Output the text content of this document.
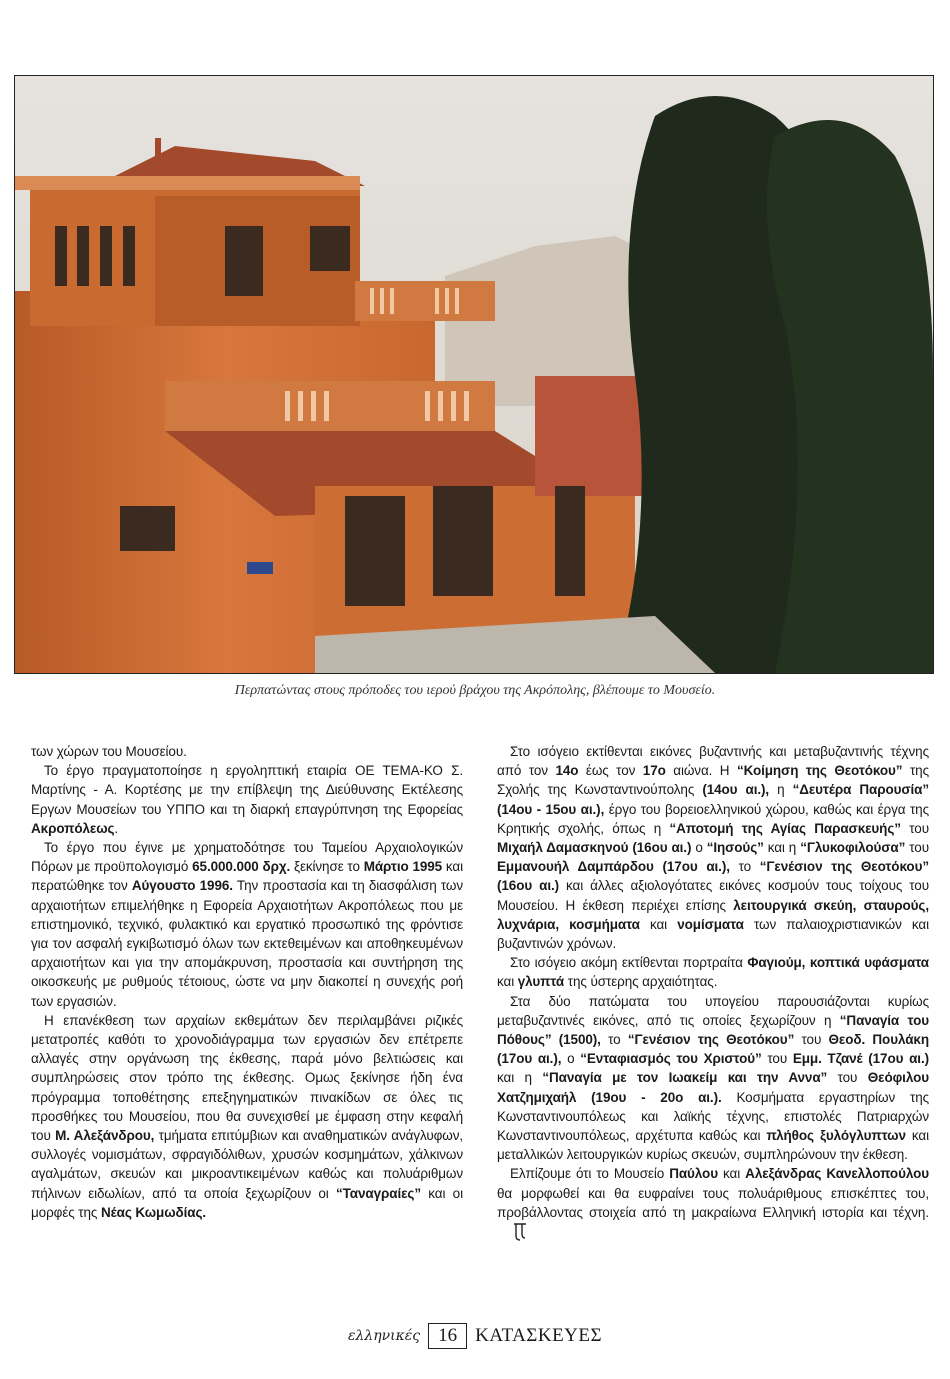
Περπατώντας στους πρόποδες του ιερού βράχου της Ακρόπολης, βλέπουμε το Μουσείο.

των χώρων του Μουσείου.

Το έργο πραγματοποίησε η εργοληπτική εταιρία ΟΕ ΤΕΜΑ-ΚΟ Σ. Μαρτίνης - Α. Κορτέσης με την επίβλεψη της Διεύθυνσης Εκτέλεσης Εργων Μουσείων του ΥΠΠΟ και τη διαρκή επαγρύπνηση της Εφορείας Ακροπόλεως.

Το έργο που έγινε με χρηματοδότησε του Ταμείου Αρχαιολογικών Πόρων με προϋπολογισμό 65.000.000 δρχ. ξεκίνησε το Μάρτιο 1995 και περατώθηκε τον Αύγουστο 1996. Την προστασία και τη διασφάλιση των αρχαιοτήτων επιμελήθηκε η Εφορεία Αρχαιοτήτων Ακροπόλεως που με επιστημονικό, τεχνικό, φυλακτικό και εργατικό προσωπικό της φρόντισε για τον ασφαλή εγκιβωτισμό όλων των εκτεθειμένων και αποθηκευμένων αρχαιοτήτων και για την απομάκρυνση, προστασία και συντήρηση της οικοσκευής με ρυθμούς τέτοιους, ώστε να μην διακοπεί η συνεχής ροή των εργασιών.

Η επανέκθεση των αρχαίων εκθεμάτων δεν περιλαμβάνει ριζικές μετατροπές καθότι το χρονοδιάγραμμα των εργασιών δεν επέτρεπε αλλαγές στην οργάνωση της έκθεσης, παρά μόνο βελτιώσεις και συμπληρώσεις στον τρόπο της έκθεσης. Ομως ξεκίνησε ήδη ένα πρόγραμμα τοποθέτησης επεξηγηματικών πινακίδων σε όλες τις προσθήκες του Μουσείου, που θα συνεχισθεί με έμφαση στην κεφαλή του Μ. Αλεξάνδρου, τμήματα επιτύμβιων και αναθηματικών ανάγλυφων, συλλογές νομισμάτων, σφραγιδόλιθων, χρυσών κοσμημάτων, χάλκινων αγαλμάτων, σκευών και μικροαντικειμένων καθώς και πολυάριθμων πήλινων ειδωλίων, από τα οποία ξεχωρίζουν οι “Ταναγραίες” και οι μορφές της Νέας Κωμωδίας.

Στο ισόγειο εκτίθενται εικόνες βυζαντινής και μεταβυζαντινής τέχνης από τον 14ο έως τον 17ο αιώνα. Η “Κοίμηση της Θεοτόκου” της Σχολής της Κωνσταντινούπολης (14ου αι.), η “Δευτέρα Παρουσία” (14ου - 15ου αι.), έργο του βορειοελληνικού χώρου, καθώς και έργα της Κρητικής σχολής, όπως η “Αποτομή της Αγίας Παρασκευής” του Μιχαήλ Δαμασκηνού (16ου αι.) ο “Ιησούς” και η “Γλυκοφιλούσα” του Εμμανουήλ Δαμπάρδου (17ου αι.), το “Γενέσιον της Θεοτόκου” (16ου αι.) και άλλες αξιολογότατες εικόνες κοσμούν τους τοίχους του Μουσείου. Η έκθεση περιέχει επίσης λειτουργικά σκεύη, σταυρούς, λυχνάρια, κοσμήματα και νομίσματα των παλαιοχριστιανικών και βυζαντινών χρόνων.

Στο ισόγειο ακόμη εκτίθενται πορτραίτα Φαγιούμ, κοπτικά υφάσματα και γλυπτά της ύστερης αρχαιότητας.

Στα δύο πατώματα του υπογείου παρουσιάζονται κυρίως μεταβυζαντινές εικόνες, από τις οποίες ξεχωρίζουν η “Παναγία του Πόθους” (1500), το “Γενέσιον της Θεοτόκου” του Θεοδ. Πουλάκη (17ου αι.), ο “Ενταφιασμός του Χριστού” του Εμμ. Τζανέ (17ου αι.) και η “Παναγία με τον Ιωακείμ και την Αννα” του Θεόφιλου Χατζημιχαήλ (19ου - 20ο αι.). Κοσμήματα εργαστηρίων της Κωνσταντινουπόλεως και λαϊκής τέχνης, επιστολές Πατριαρχών Κωνσταντινουπόλεως, αρχέτυπα καθώς και πλήθος ξυλόγλυπτων και μεταλλικών λειτουργικών κυρίως σκευών, συμπληρώνουν την έκθεση.

Ελπίζουμε ότι το Μουσείο Παύλου και Αλεξάνδρας Κανελλοπούλου θα μορφωθεί και θα ευφραίνει τους πολυάριθμους επισκέπτες του, προβάλλοντας στοιχεία από τη μακραίωνα Ελληνική ιστορία και τέχνη.

ελληνικές 16 ΚΑΤΑΣΚΕΥΕΣ
